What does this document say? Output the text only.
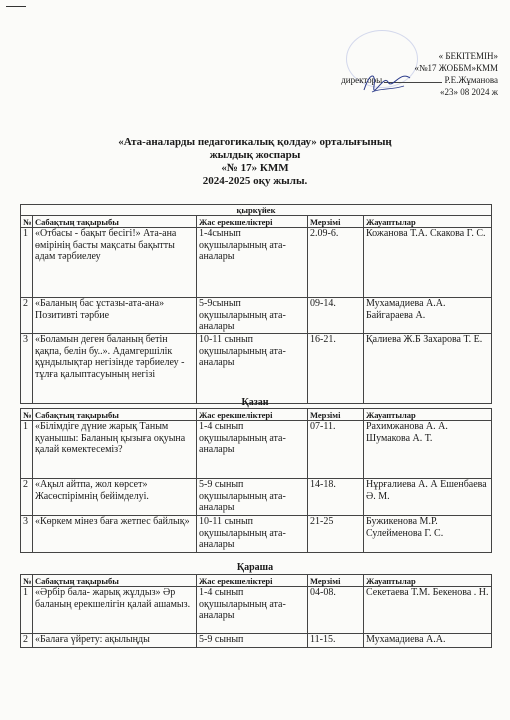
« БЕКІТЕМІН»
«№17 ЖОББМ»КММ
директоры	Р.Е.Жұманова
«23» 08 2024 ж
«Ата-аналарды педагогикалық қолдау» орталығының
жылдық жоспары
«№ 17» КММ
2024-2025 оқу жылы.
қыркүйек				
№	Сабақтың тақырыбы	Жас ерекшеліктері	Мерзімі	Жауаптылар
1	«Отбасы - бақыт бесігі!» Ата-ана өмірінің басты мақсаты бақытты адам тәрбиелеу	1-4сынып оқушыларының ата-аналары	2.09-6.	Кожанова Т.А. Скакова Г. С.
2	«Баланың бас ұстазы-ата-ана» Позитивті тәрбие	5-9сынып оқушыларының ата-аналары	09-14.	Мухамадиева А.А. Байгараева А.
3	«Боламын деген баланың бетін қақпа, белін бу..». Адамгершілік құндылықтар негізінде тәрбиелеу - тұлға қалыптасуының негізі	10-11 сынып оқушыларының ата-аналары	16-21.	Қалиева Ж.Б Захарова Т. Е.
Қазан
№	Сабақтың тақырыбы	Жас ерекшеліктері	Мерзімі	Жауаптылар
1	«Білімдіге дүние жарық Таным қуанышы: Баланың қызыға оқуына қалай көмектесеміз?	1-4 сынып оқушыларының ата-аналары	07-11.	Рахимжанова А. А. Шумакова А. Т.
2	«Ақыл айтпа, жол көрсет» Жасөспірімнің бейімделуі.	5-9 сынып оқушыларының ата-аналары	14-18.	Нұрғалиева А. А Ешенбаева Ә. М.
3	«Көркем мінез баға жетпес байлық»	10-11 сынып оқушыларының ата-аналары	21-25	Бужикенова М.Р. Сулейменова Г. С.
Қараша
№	Сабақтың тақырыбы	Жас ерекшеліктері	Мерзімі	Жауаптылар
1	«Әрбір бала- жарық жұлдыз» Әр баланың ерекшелігін қалай ашамыз.	1-4 сынып оқушыларының ата-аналары	04-08.	Секетаева Т.М. Бекенова . Н.
2	«Балаға үйрету: ақылыңды	5-9 сынып	11-15.	Мухамадиева А.А.
